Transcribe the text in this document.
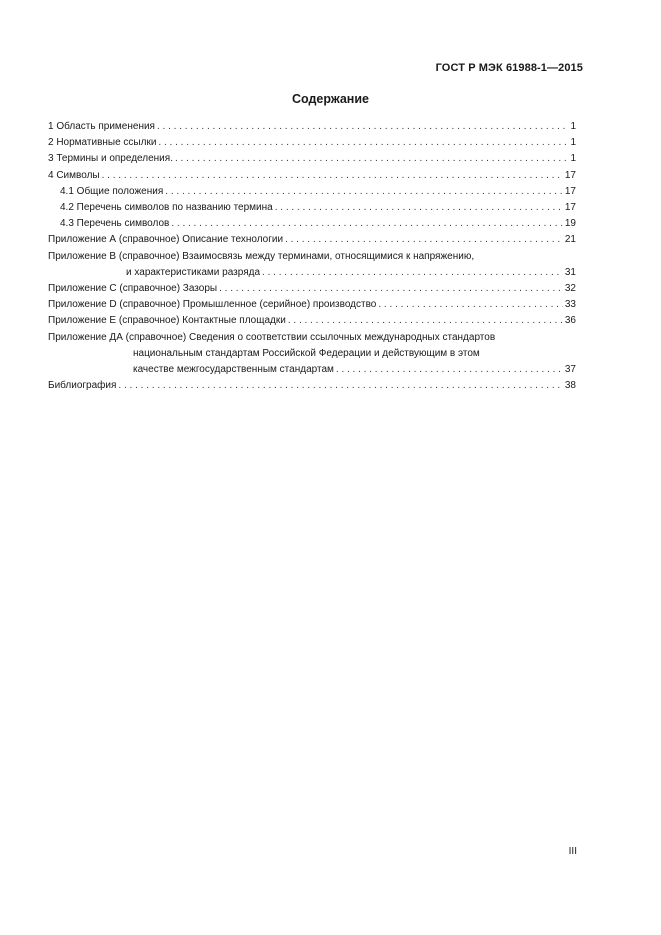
ГОСТ Р МЭК 61988-1—2015
Содержание
1 Область применения . . .	1
2 Нормативные ссылки . . .	1
3 Термины и определения. . . .	1
4 Символы . . .	17
4.1 Общие положения . . .	17
4.2 Перечень символов по названию термина . . .	17
4.3 Перечень символов . . .	19
Приложение А (справочное) Описание технологии . . .	21
Приложение В (справочное) Взаимосвязь между терминами, относящимися к напряжению,
и характеристиками разряда . . .	31
Приложение С (справочное) Зазоры . . .	32
Приложение D (справочное) Промышленное (серийное) производство . . .	33
Приложение Е (справочное) Контактные площадки . . .	36
Приложение ДА (справочное) Сведения о соответствии ссылочных международных стандартов
национальным стандартам Российской Федерации и действующим в этом
качестве межгосударственным стандартам . . .	37
Библиография . . .	38
III
